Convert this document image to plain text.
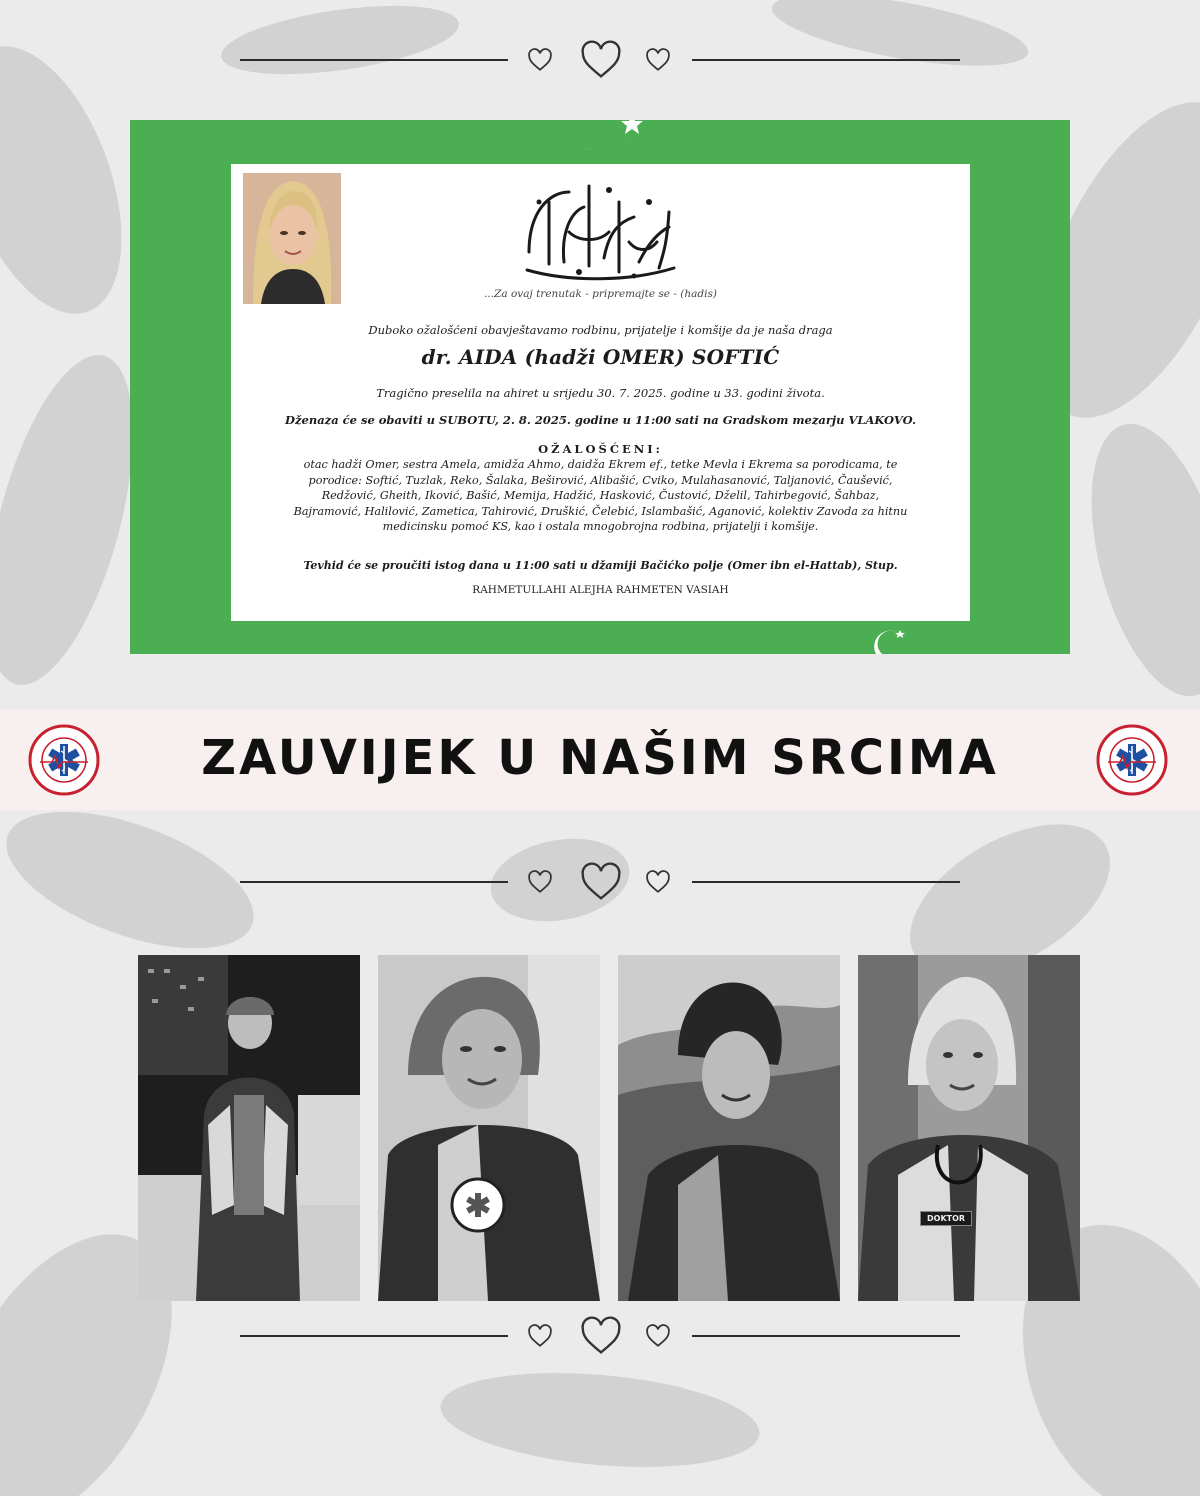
...Za ovaj trenutak - pripremajte se - (hadis)
Duboko ožalošćeni obavještavamo rodbinu, prijatelje i komšije da je naša draga
dr. AIDA (hadži OMER) SOFTIĆ
Tragično preselila na ahiret u srijedu 30. 7. 2025. godine u 33. godini života.
Dženaza će se obaviti u SUBOTU, 2. 8. 2025. godine u 11:00 sati na Gradskom mezarju VLAKOVO.
OŽALOŠĆENI:
otac hadži Omer, sestra Amela, amidža Ahmo, daidža Ekrem ef., tetke Mevla i Ekrema sa porodicama, te
porodice: Softić, Tuzlak, Reko, Šalaka, Beširović, Alibašić, Cviko, Mulahasanović, Taljanović, Čaušević,
Redžović, Gheith, Iković, Bašić, Memija, Hadžić, Hasković, Čustović, Dželil, Tahirbegović, Šahbaz,
Bajramović, Halilović, Zametica, Tahirović, Druškić, Čelebić, Islambašić, Aganović, kolektiv Zavoda za hitnu
medicinsku pomoć KS, kao i ostala mnogobrojna rodbina, prijatelji i komšije.
Tevhid će se proučiti istog dana u 11:00 sati u džamiji Bačićko polje (Omer ibn el-Hattab), Stup.
RAHMETULLAHI ALEJHA RAHMETEN VASIAH
ZAUVIJEK U NAŠIM SRCIMA
DOKTOR
